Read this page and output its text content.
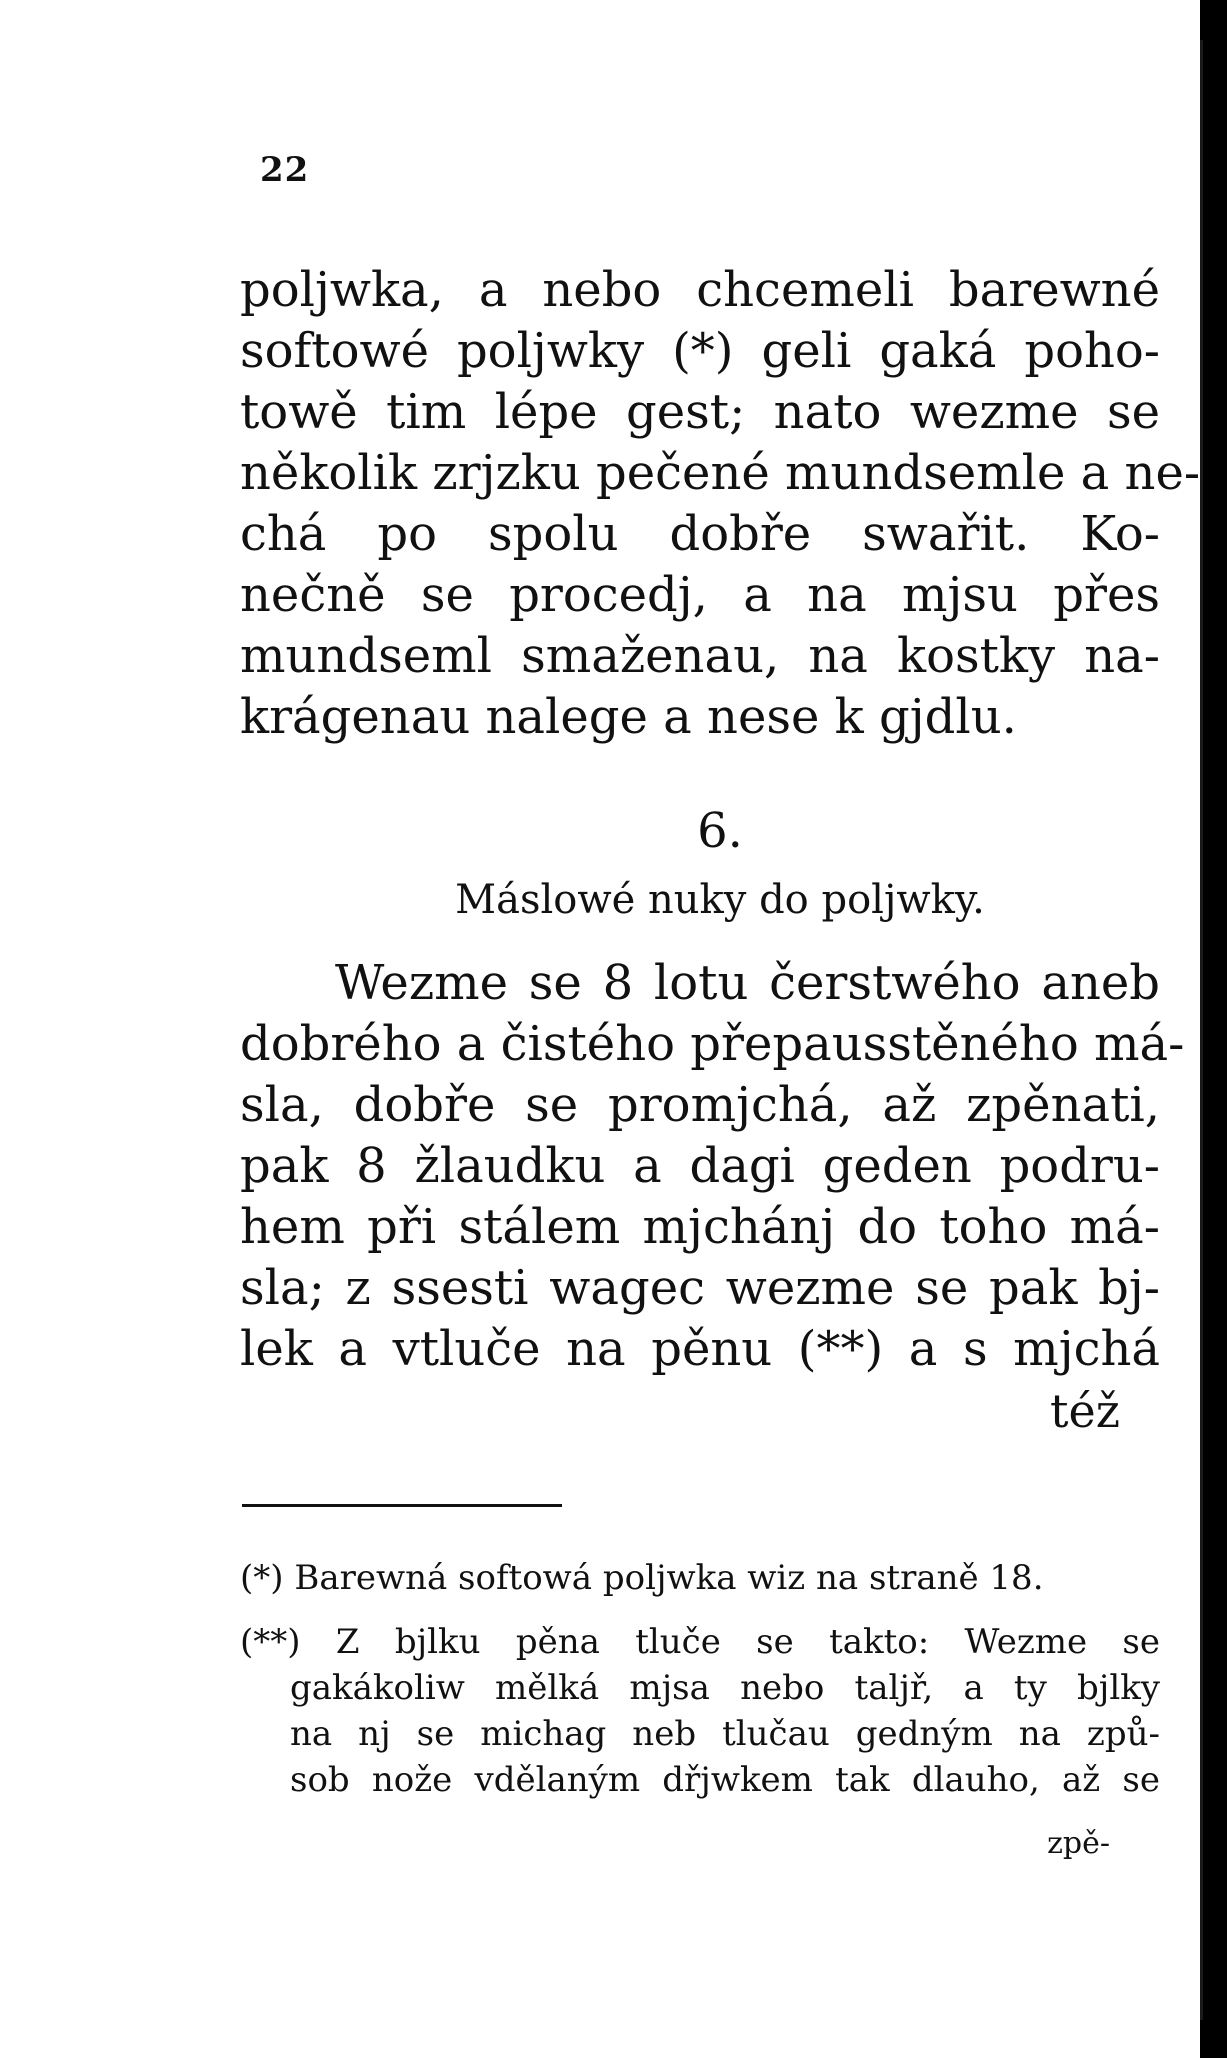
22

poljwka, a nebo chcemeli barewné
softowé poljwky (*) geli gaká poho-
towě tim lépe gest; nato wezme se
několik zrjzku pečené mundsemle a ne-
chá po spolu dobře swařit. Ko-
nečně se procedj, a na mjsu přes
mundseml smaženau, na kostky na-
krágenau nalege a nese k gjdlu.

6.
Máslowé nuky do poljwky.

Wezme se 8 lotu čerstwého aneb
dobrého a čistého přepausstěného má-
sla, dobře se promjchá, až zpěnati,
pak 8 žlaudku a dagi geden podru-
hem při stálem mjchánj do toho má-
sla; z ssesti wagec wezme se pak bj-
lek a vtluče na pěnu (**) a s mjchá

též
(*) Barewná softowá poljwka wiz na straně 18.
(**) Z bjlku pěna tluče se takto: Wezme se
gakákoliw mělká mjsa nebo taljř, a ty bjlky
na nj se michag neb tlučau gedným na způ-
sob nože vdělaným dřjwkem tak dlauho, až se
zpě-
